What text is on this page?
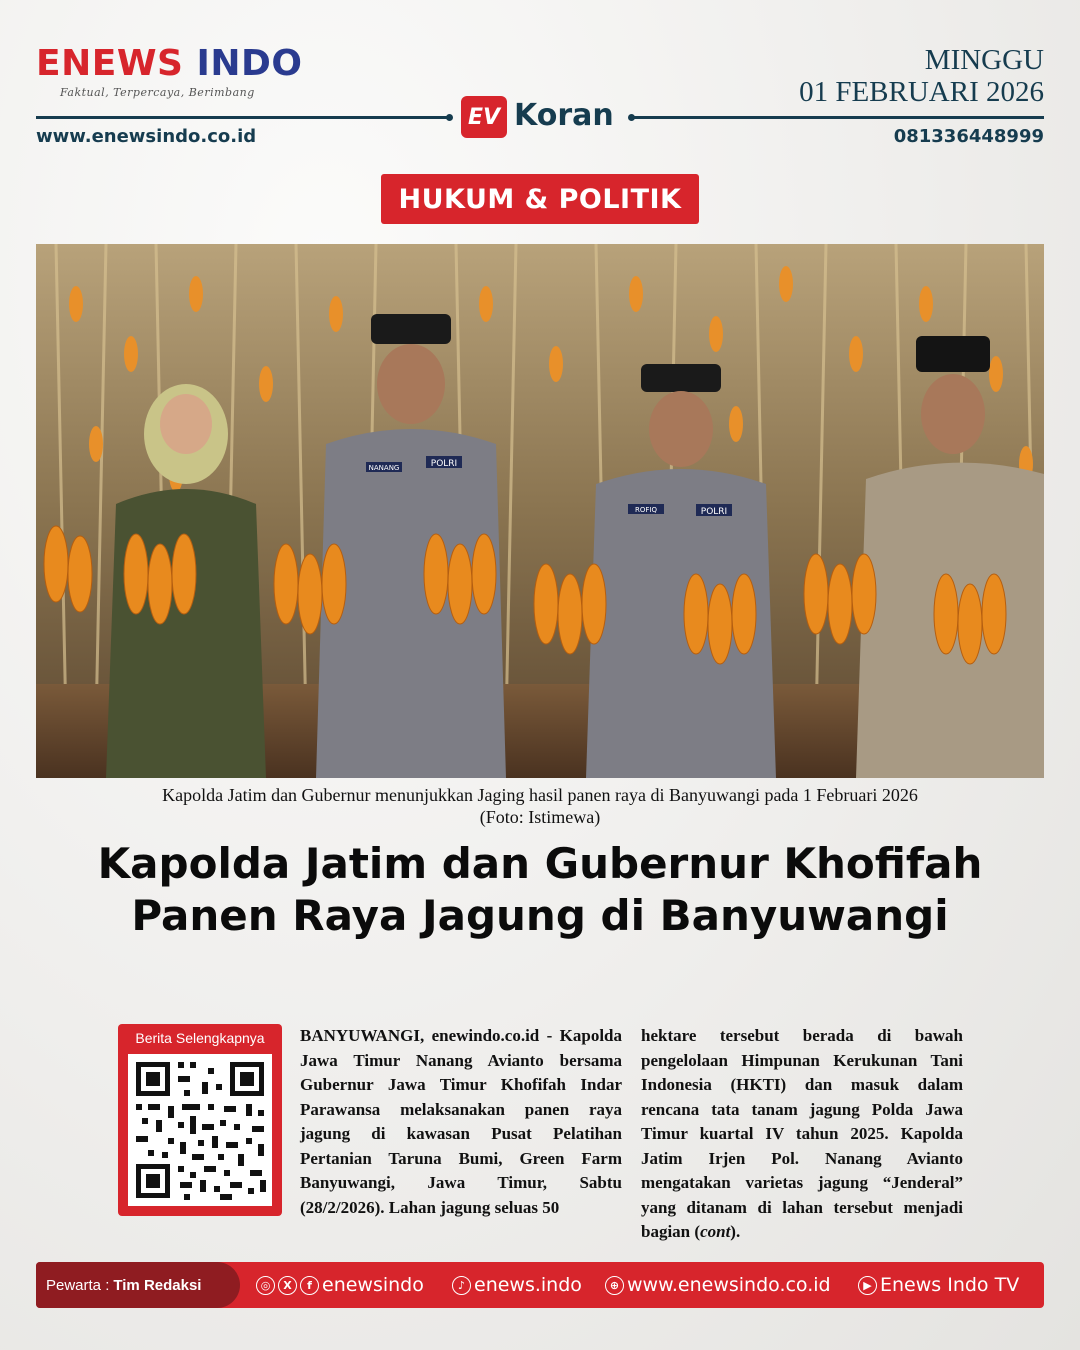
ENEWS INDO
Faktual, Terpercaya, Berimbang
MINGGU
01 FEBRUARI 2026
EV Koran
www.enewsindo.co.id	081336448999
HUKUM & POLITIK
POLRI
NANANG
POLRI
ROFIQ
Kapolda Jatim dan Gubernur menunjukkan Jaging hasil panen raya di Banyuwangi pada 1 Februari 2026
(Foto: Istimewa)
Kapolda Jatim dan Gubernur Khofifah Panen Raya Jagung di Banyuwangi
Berita Selengkapnya	BANYUWANGI, enewindo.co.id - Kapolda Jawa Timur Nanang Avianto bersama Gubernur Jawa Timur Khofifah Indar Parawansa melaksanakan panen raya jagung di kawasan Pusat Pelatihan Pertanian Taruna Bumi, Green Farm Banyuwangi, Jawa Timur, Sabtu (28/2/2026). Lahan jagung seluas 50
hektare tersebut berada di bawah pengelolaan Himpunan Kerukunan Tani Indonesia (HKTI) dan masuk dalam rencana tata tanam jagung Polda Jawa Timur kuartal IV tahun 2025. Kapolda Jatim Irjen Pol. Nanang Avianto mengatakan varietas jagung “Jenderal” yang ditanam di lahan tersebut menjadi bagian (cont).
Pewarta : Tim Redaksi	◎	X	f enewsindo	♪ enews.indo	⊕ www.enewsindo.co.id	▶ Enews Indo TV
